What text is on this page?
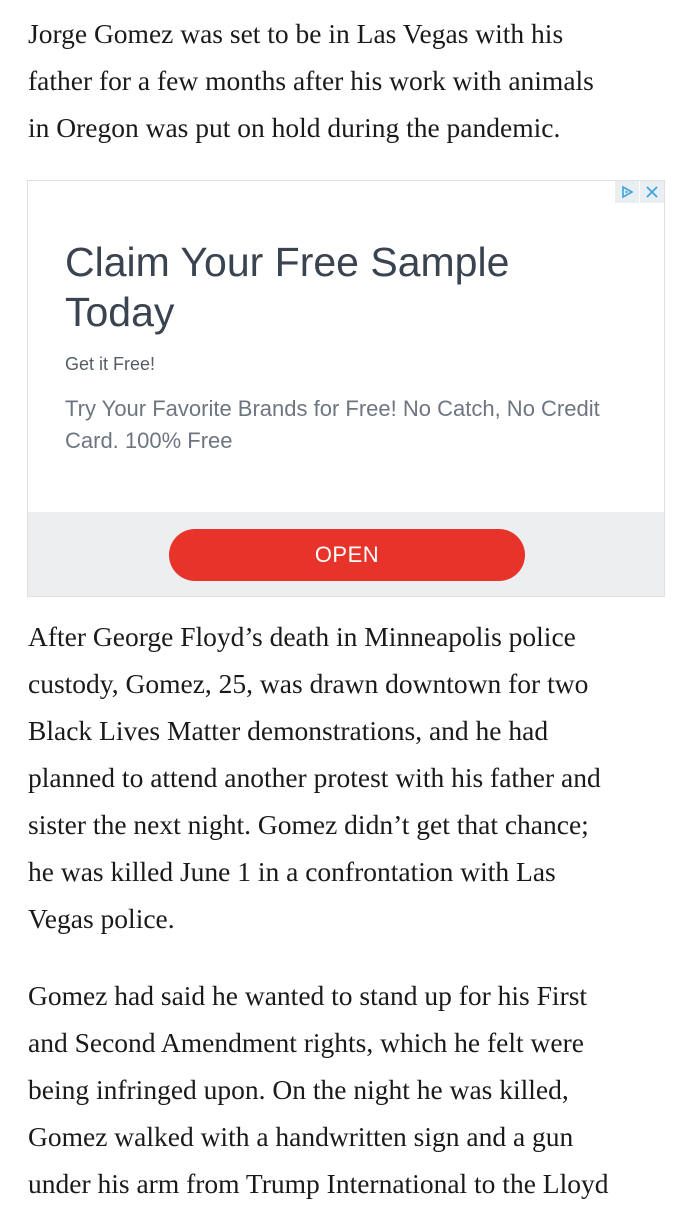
Jorge Gomez was set to be in Las Vegas with his
father for a few months after his work with animals
in Oregon was put on hold during the pandemic.

After George Floyd’s death in Minneapolis police
custody, Gomez, 25, was drawn downtown for two
Black Lives Matter demonstrations, and he had
planned to attend another protest with his father and
sister the next night. Gomez didn’t get that chance;
he was killed June 1 in a confrontation with Las
Vegas police.

Gomez had said he wanted to stand up for his First
and Second Amendment rights, which he felt were
being infringed upon. On the night he was killed,
Gomez walked with a handwritten sign and a gun
under his arm from Trump International to the Lloyd

Claim Your Free Sample Today

Get it Free!

Try Your Favorite Brands for Free! No Catch, No Credit Card. 100% Free

OPEN
